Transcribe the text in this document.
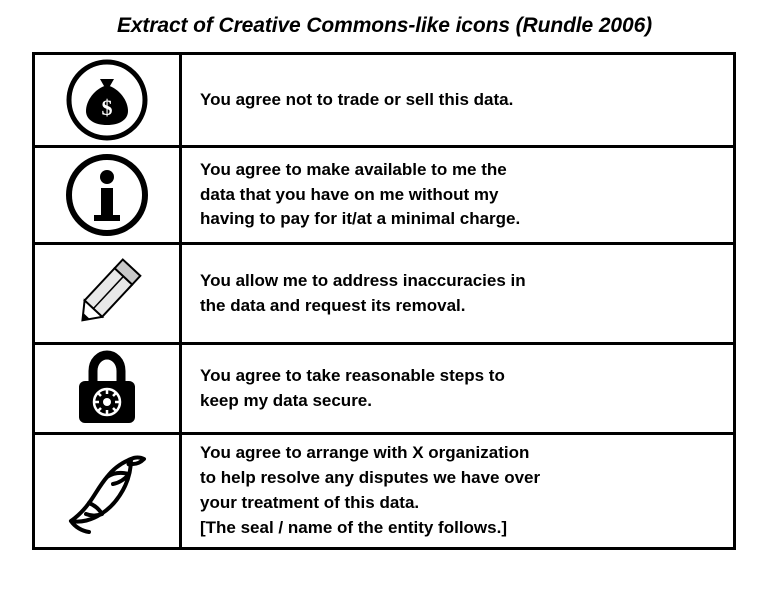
Extract of Creative Commons-like icons (Rundle 2006)
$	You agree not to trade or sell this data.
You agree to make available to me the
data that you have on me without my
having to pay for it/at a minimal charge.
You allow me to address inaccuracies in
the data and request its removal.
You agree to take reasonable steps to
keep my data secure.
You agree to arrange with X organization
to help resolve any disputes we have over
your treatment of this data.
[The seal / name of the entity follows.]
